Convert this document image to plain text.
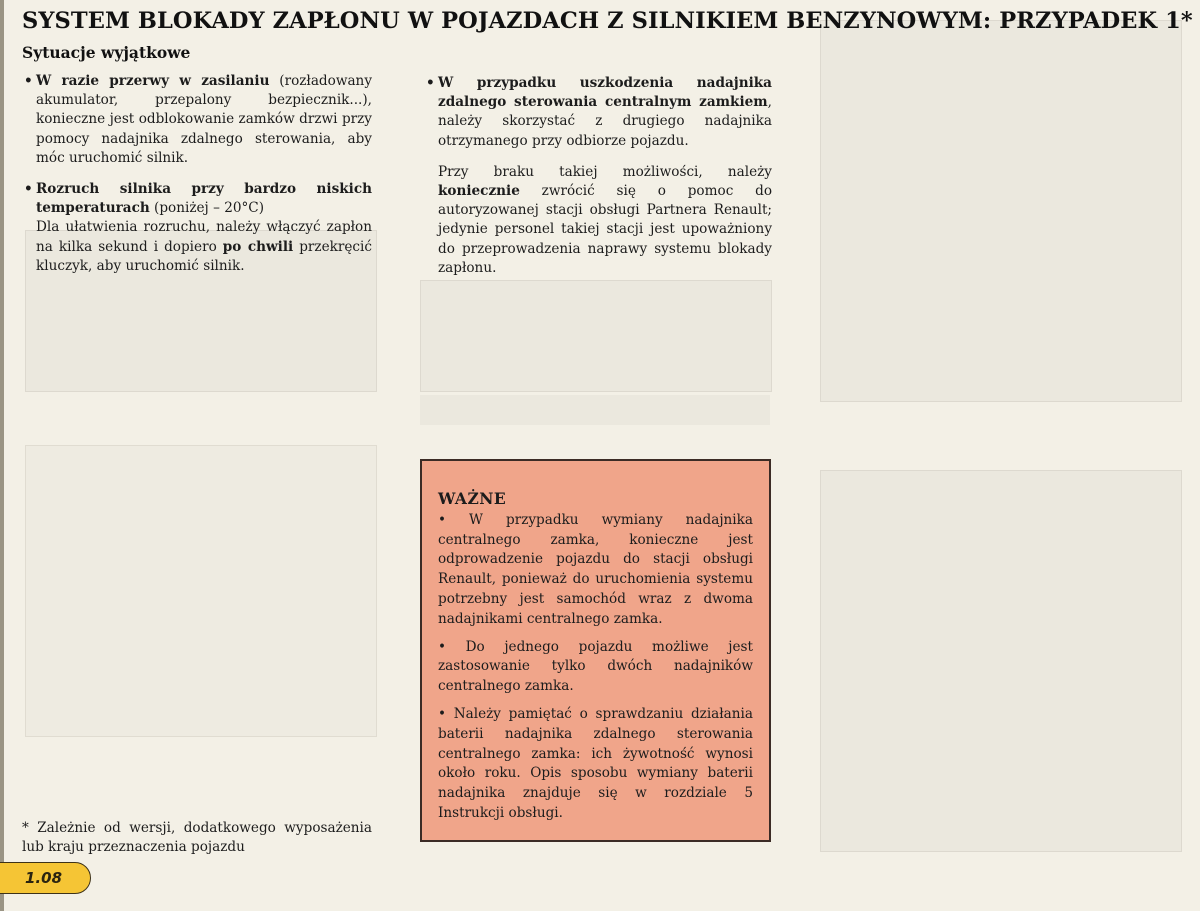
SYSTEM BLOKADY ZAPŁONU W POJAZDACH Z SILNIKIEM BENZYNOWYM: PRZYPADEK 1*
Sytuacje wyjątkowe

• W razie przerwy w zasilaniu (rozładowany akumulator, przepalony bezpiecznik...), konieczne jest odblokowanie zamków drzwi przy pomocy nadajnika zdalnego sterowania, aby móc uruchomić silnik.

• Rozruch silnika przy bardzo niskich temperaturach (poniżej – 20°C)

Dla ułatwienia rozruchu, należy włączyć zapłon na kilka sekund i dopiero po chwili przekręcić kluczyk, aby uruchomić silnik.

• W przypadku uszkodzenia nadajnika zdalnego sterowania centralnym zamkiem, należy skorzystać z drugiego nadajnika otrzymanego przy odbiorze pojazdu.

Przy braku takiej możliwości, należy koniecznie zwrócić się o pomoc do autoryzowanej stacji obsługi Partnera Renault; jedynie personel takiej stacji jest upoważniony do przeprowadzenia naprawy systemu blokady zapłonu.

WAŻNE

• W przypadku wymiany nadajnika centralnego zamka, konieczne jest odprowadzenie pojazdu do stacji obsługi Renault, ponieważ do uruchomienia systemu potrzebny jest samochód wraz z dwoma nadajnikami centralnego zamka.

• Do jednego pojazdu możliwe jest zastosowanie tylko dwóch nadajników centralnego zamka.

• Należy pamiętać o sprawdzaniu działania baterii nadajnika zdalnego sterowania centralnego zamka: ich żywotność wynosi około roku. Opis sposobu wymiany baterii nadajnika znajduje się w rozdziale 5 Instrukcji obsługi.

* Zależnie od wersji, dodatkowego wyposażenia lub kraju przeznaczenia pojazdu

1.08
